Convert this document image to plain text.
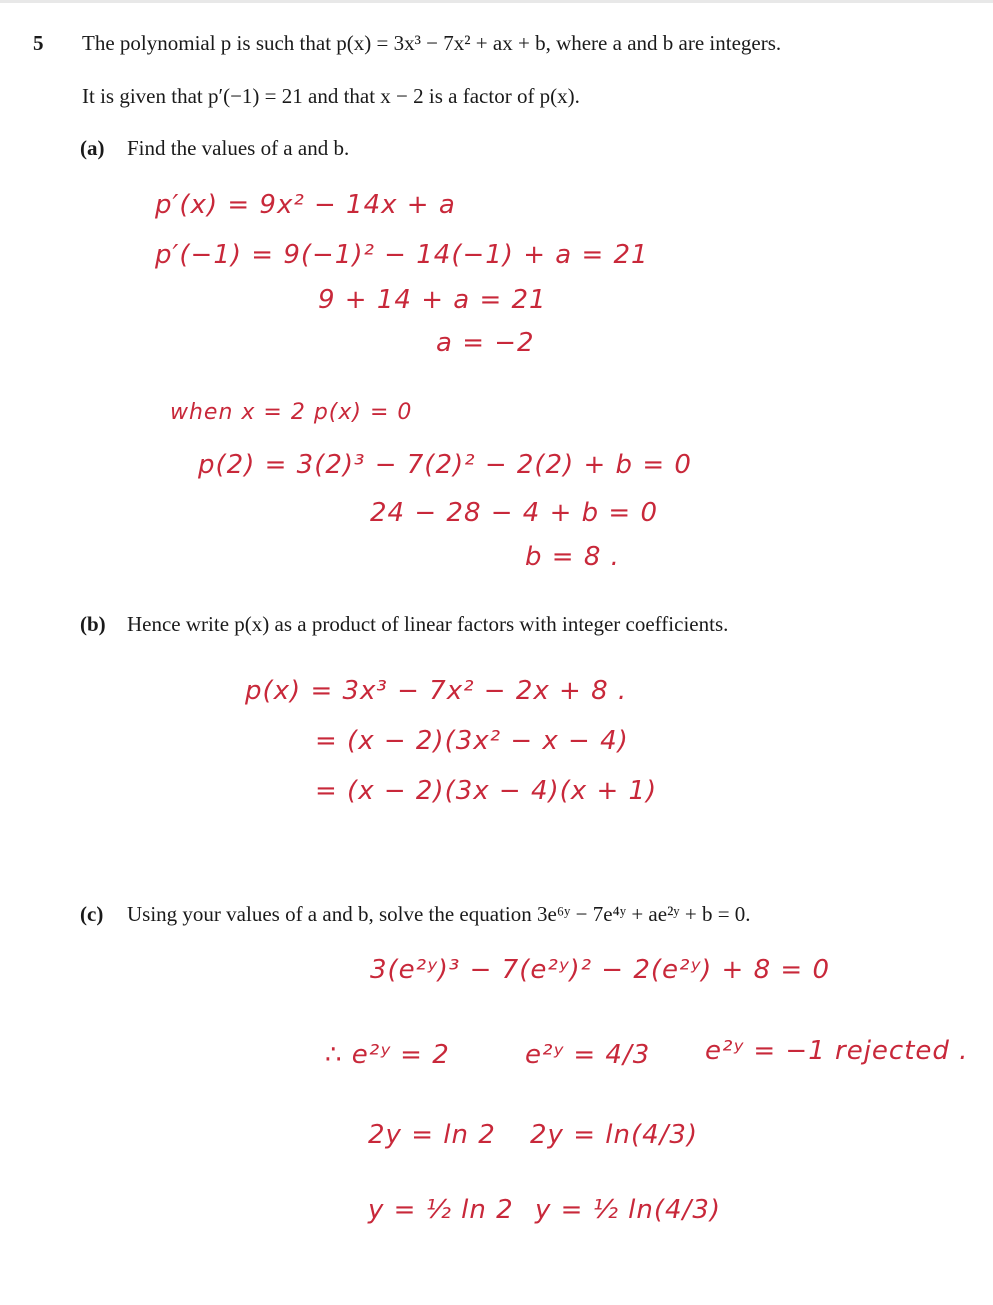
5 The polynomial p is such that p(x) = 3x³ − 7x² + ax + b, where a and b are integers.
It is given that p′(−1) = 21 and that x − 2 is a factor of p(x).
(a) Find the values of a and b.
p′(x) = 9x² − 14x + a
p′(−1) = 9(−1)² − 14(−1) + a = 21
9 + 14 + a = 21
a = −2
when x = 2 p(x) = 0
p(2) = 3(2)³ − 7(2)² − 2(2) + b = 0
24 − 28 − 4 + b = 0
b = 8 .
(b) Hence write p(x) as a product of linear factors with integer coefficients.
p(x) = 3x³ − 7x² − 2x + 8 .
= (x − 2)(3x² − x − 4)
= (x − 2)(3x − 4)(x + 1)
(c) Using your values of a and b, solve the equation 3e⁶ʸ − 7e⁴ʸ + ae²ʸ + b = 0.
3(e²ʸ)³ − 7(e²ʸ)² − 2(e²ʸ) + 8 = 0
∴ e²ʸ = 2	e²ʸ = 4/3 e²ʸ = −1 rejected .
2y = ln 2 2y = ln(4/3)
y = ½ ln 2 y = ½ ln(4/3)
